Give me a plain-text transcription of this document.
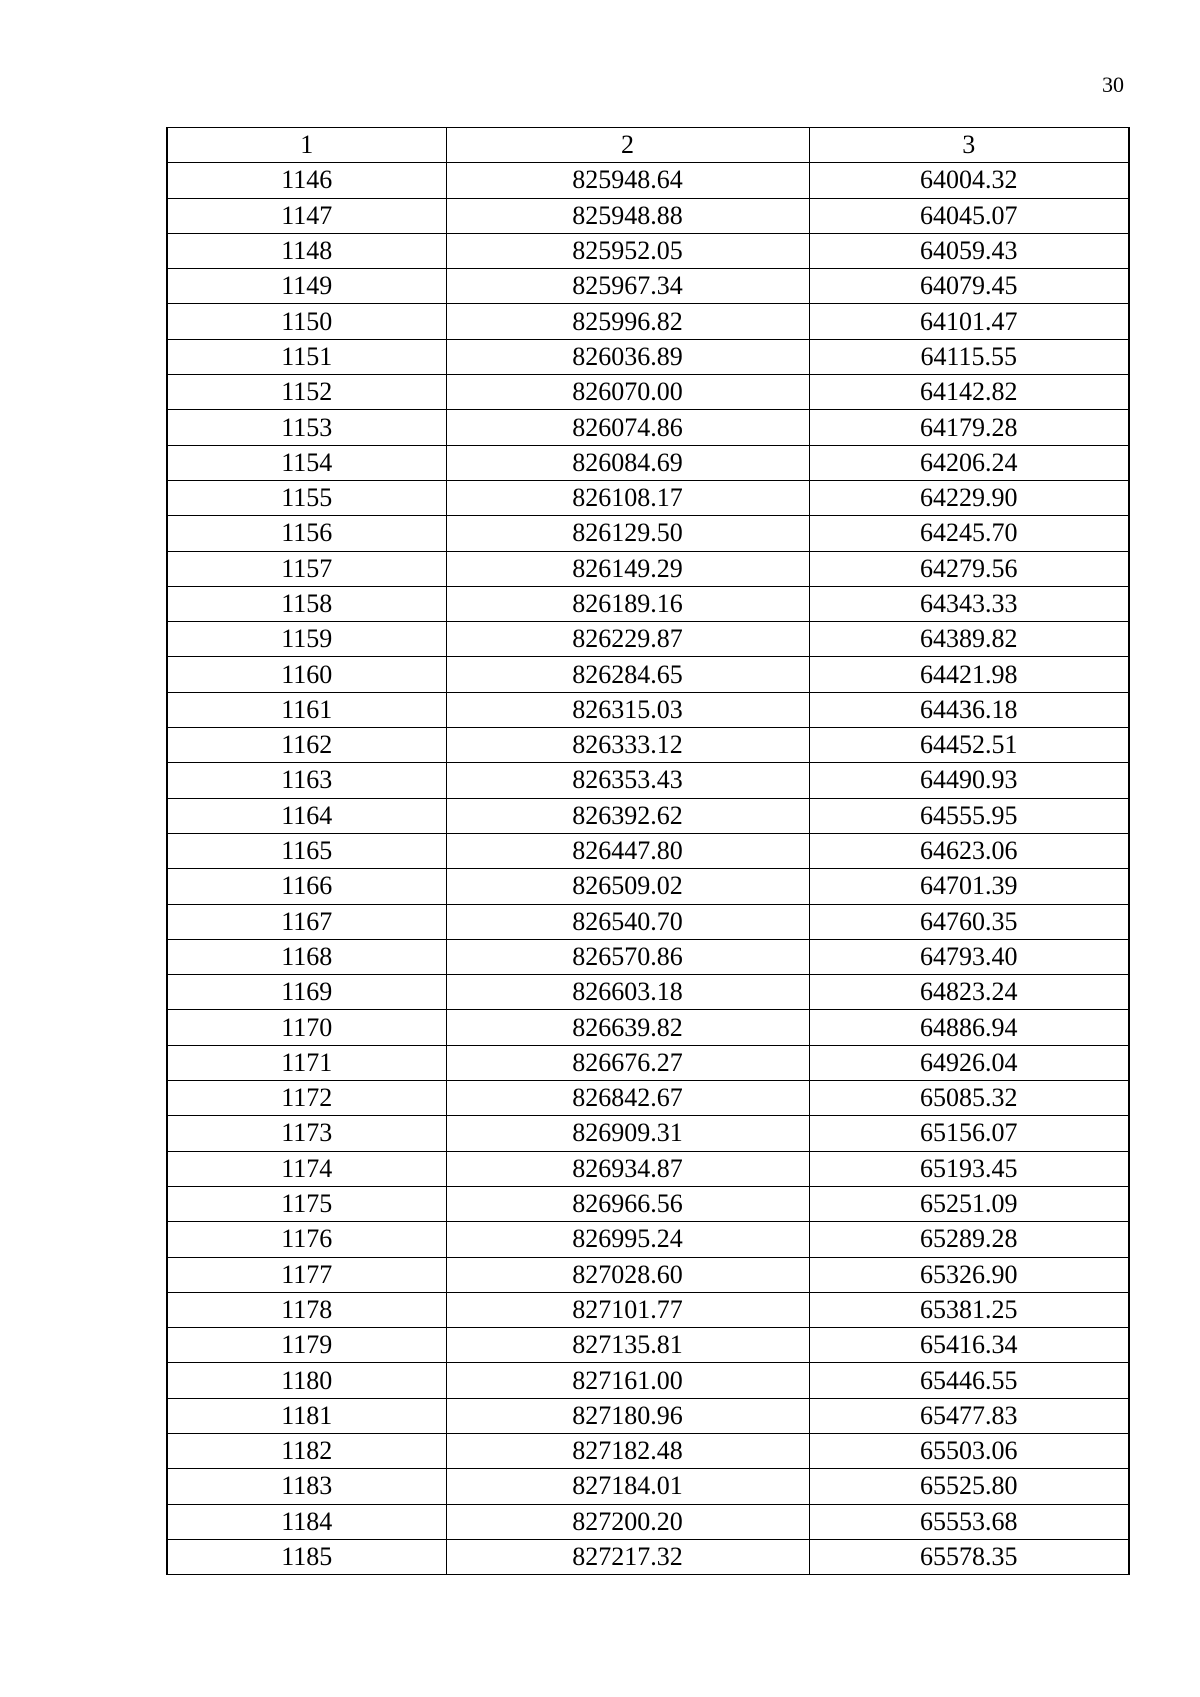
30
1	2	3
1146	825948.64	64004.32
1147	825948.88	64045.07
1148	825952.05	64059.43
1149	825967.34	64079.45
1150	825996.82	64101.47
1151	826036.89	64115.55
1152	826070.00	64142.82
1153	826074.86	64179.28
1154	826084.69	64206.24
1155	826108.17	64229.90
1156	826129.50	64245.70
1157	826149.29	64279.56
1158	826189.16	64343.33
1159	826229.87	64389.82
1160	826284.65	64421.98
1161	826315.03	64436.18
1162	826333.12	64452.51
1163	826353.43	64490.93
1164	826392.62	64555.95
1165	826447.80	64623.06
1166	826509.02	64701.39
1167	826540.70	64760.35
1168	826570.86	64793.40
1169	826603.18	64823.24
1170	826639.82	64886.94
1171	826676.27	64926.04
1172	826842.67	65085.32
1173	826909.31	65156.07
1174	826934.87	65193.45
1175	826966.56	65251.09
1176	826995.24	65289.28
1177	827028.60	65326.90
1178	827101.77	65381.25
1179	827135.81	65416.34
1180	827161.00	65446.55
1181	827180.96	65477.83
1182	827182.48	65503.06
1183	827184.01	65525.80
1184	827200.20	65553.68
1185	827217.32	65578.35
